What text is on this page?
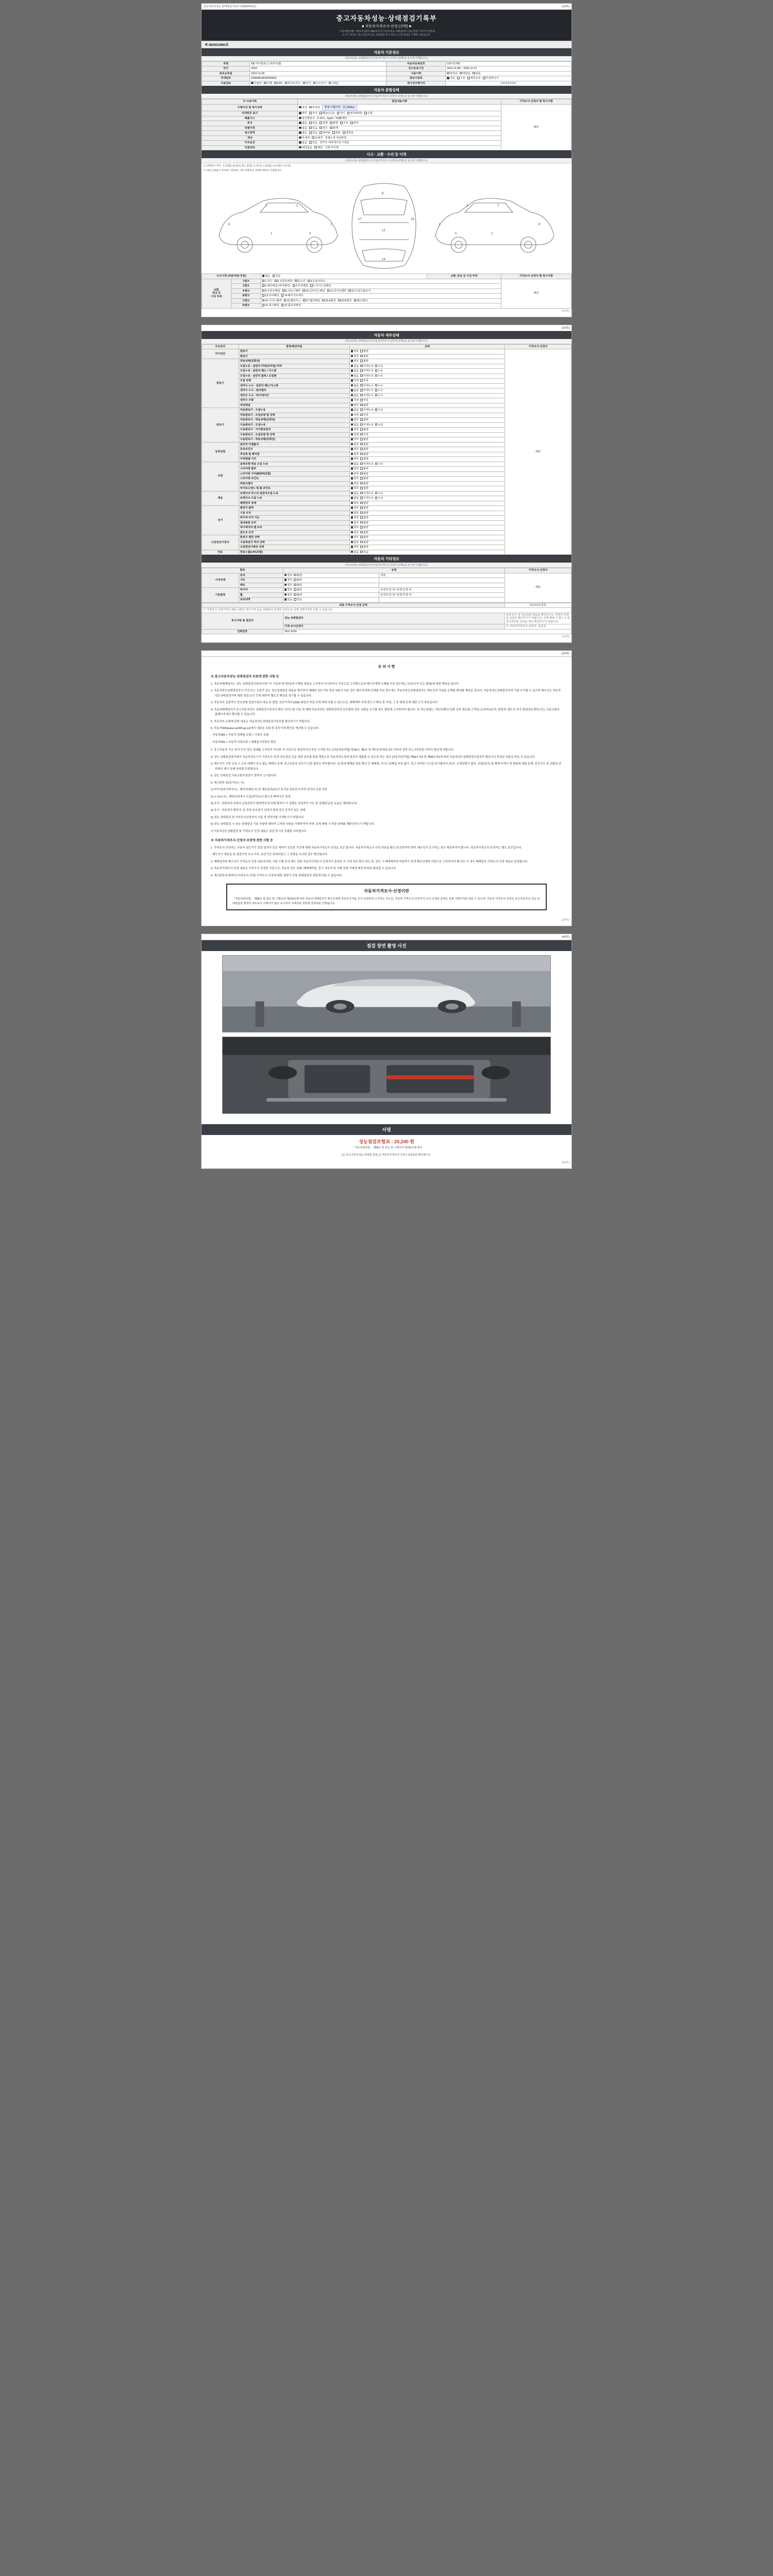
중고자동차성능·상태점검기록부 (제2024-01호)	(1/4쪽)
중고자동차성능·상태점검기록부
■ 자동차가격조사·산정 (선택) ■
「자동차관리법 시행규칙 [별지 제82호서식] 자동차성능·상태점검자 (성능점검·가격조사산정자)
※ 이 기록부는 중고자동차 성능·상태점검 및 가격조사·산정 결과를 기재한 서류입니다.
제 3825012983호
자동차 기본정보
(자동차성능·상태점검자 및 자동차가격조사·산정자 (선택) 를 동시에 기재합니다.)
차명	KB 카니발최고 (세부모델)	자동차등록번호	216거1705
연식	2023	검사유효기간	2022-11-08 ~ 2026-11-07
최초등록일	2022-11-09	사용이력	대여용 영업용 관용
차대번호	KNMAB1BFAK09604	변속기종류	자동 수동 세미오토 무단변속기
사용연료	가솔린 디젤 LPG 하이브리드 전기 수소전기 기타()	계기상주행거리	0 0 0 0 0 0 0
자동차 종합상태
(자동차성능·상태점검자 및 자동차가격조사·산정자 (선택) 를 동시에 기재합니다.)
※ 사용이력	점검내용사항	가격조사·산정자 별 특기사항
주행거리 및 계기상태	정상 비정상 현재 주행거리 : 21,599km	해당
차대번호 표기	양호 부식 훼손(오손) 상이 변조(변타) 도말	
배출가스	일산화탄소 0.11% , 1ppm , % 매연	
튜닝	없음 있음 적법 불법 구조 장치	
특별이력	없음 있음 침수 화재	
용도변경	없음 있음 대여용 관용 영업용	
색상	무채색 유채색 전체도색 색상변경	
주요옵션	없음 있음 썬루프 내비게이션 기타()	
리콜대상	해당없음 해당 이행 미이행	
사고 · 교환 · 수리 등 이력
(자동차성능·상태점검자 및 자동차가격조사·산정자 (선택) 를 동시에 기재합니다.)
※ 상태표시 부호 : X (교환), W (판금 또는 용접), C (부식), A (흠집), U (요철), T (손상)
※ 하단 상태표시 부호에 기준하며, 기타 차량특성 상태에 대하여 기재합니다.
6
7	3
1
2	5
8
12
14
17	16
6
7
3
1
2
5
사고이력 (외판/내판 부분)		없음 있음	교환, 판금 등 이상 부위	가격조사·산정자 별 특기사항
교환,
판금 등
이상 부위	1랭크	1.후드 2.프론트펜더 3.도어 4.트렁크리드		해당
	2랭크	5.쿼터패널 (리어펜더) 6.루프패널 7.사이드실패널		
	A랭크	8.프론트패널 9.크로스멤버 10.인사이드패널 11.다이브멤버 12.트렁크플로어		
	B랭크	13.리어패널 14.패키지트레이		
	C랭크	15.사이드멤버 16.휠하우스 17.필러패널 18.A필러 19.B필러 20.C필러		
	D랭크	21.대시패널 22.플로어패널		
(1/4쪽)
(1/4쪽)
자동차 세부상태
(자동차성능·상태점검자 및 자동차가격조사·산정자 (선택) 를 동시에 기재합니다.)
주요장치	항목/해당부품	상태	가격조사·산정자
자기진단	원동기	양호 불량	해당
	변속기	양호 불량	
원동기	작동상태(공회전)	양호 불량	
	오일누유 - 실린더 커버(로커암) 커버	없음 미세누유 누유	
	오일누유 - 실린더 헤드 / 가스켓	없음 미세누유 누유	
	오일누유 - 실린더 블록 / 오일팬	없음 미세누유 누유	
	오일 유량	적정 부족	
	냉각수 누수 - 실린더 헤드/가스켓	없음 미세누수 누수	
	냉각수 누수 - 워터펌프	없음 미세누수 누수	
	냉각수 누수 - 라디에이터	없음 미세누수 누수	
	냉각수 수량	적정 부족	
	커먼레일	양호 불량	
변속기	자동변속기 - 오일누유	없음 미세누유 누유	
	자동변속기 - 오일유량 및 상태	적정 부족	
	자동변속기 - 작동상태(공회전)	양호 불량	
	수동변속기 - 오일누유	없음 미세누유 누유	
	수동변속기 - 기어변속장치	양호 불량	
	수동변속기 - 오일유량 및 상태	적정 부족	
	수동변속기 - 작동상태(공회전)	양호 불량	
동력전달	클러치 어셈블리	양호 불량	
	등속조인트	양호 불량	
	추진축 및 베어링	양호 불량	
	디퍼렌셜 기어	양호 불량	
조향	동력조향 작동 오일 누유	없음 미세누유 누유	
	스티어링 펌프	양호 불량	
	스티어링 기어(MDPS포함)	양호 불량	
	스티어링 조인트	양호 불량	
	파워크랭크	양호 불량	
	타이로드엔드 및 볼 조인트	양호 불량	
제동	브레이크 마스터 실린더오일 누유	없음 미세누유 누유	
	브레이크 오일 누유	없음 미세누유 누유	
	배력장치 상태	양호 불량	
전기	발전기 출력	양호 불량	
	시동 모터	양호 불량	
	와이퍼 모터 기능	양호 불량	
	실내송풍 모터	양호 불량	
	라디에이터 팬 모터	양호 불량	
	윈도우 모터	양호 불량	
고전원전기장치	충전구 절연 상태	양호 불량	
	구동축전지 격리 상태	양호 불량	
	고전원전기배선 상태	양호 불량	
연료	연료누출(LPG포함)	없음 있음	
자동차 기타정보
(자동차성능·상태점검자 및 자동차가격조사·산정자 (선택) 를 동시에 기재합니다.)
항목		상태		가격조사·산정자
사내상태	유리	양호 불량	내장	해당
	시트	양호 불량		
	매트	양호 불량		
기본품목	타이어	양호 불량	운전석 앞 뒤 / 동반석 앞 뒤	
	휠	양호 불량	운전석 앞 뒤 / 동반석 앞 뒤	
	보유내역	없음 있음		
최종 가격조사·산정 금액		0 0 0 0 0 만원
※ 가격조사·산정가격은 해당 차량의 제시가격 등을 종합하여 산정한 금액으로 실제 거래가격과 다를 수 있습니다.		
특기사항 및 점검자	성능·상태점검자	차량 인수 전 성능점검 내용을 확인하시고, 차량의 상태를 꼼꼼히 확인하시기 바랍니다. 실제 매매 시 반드시 점검기록부와 실차를 대조 확인하시기 바랍니다.
	가격·조사산정자	※ 자동차가격조사·산정자 : 홍길동
전화번호	1811-8760	
(1/4쪽)
(2/4쪽)
유 의 사 항
※ 중고자동차성능·상태점검자 보증에 관한 사항 등
1. 자동차매매업자는 성능·상태점검기록부(이하 "이 기록부"라 한다)에 기재한 내용을 고지하지 아니하거나 거짓으로 고지할으로써 매수인에게 손해를 끼친 경우에는 보증(수리 또는 환불)에 대한 책임을 집니다.
2. 자동차성능상태점검자가 거짓 또는 오류가 있는 성능상태점검 내용을 확인하여 매매한 성능기록 점검 내용이 다른 경우 매수인에게 손해를 끼친 경우에는 자동차성능상태점검자는 매수인의 직권을 손해를 배상할 책임을 집니다. 자동차성능상태점검자의 이를 수거할 수 있으며 매수인은 자동차성능상태점검자에 대한 점검·보증 등에 대하여 별도로 배상을 청구할 수 있습니다.
3. 자동차의 실질적인 성능상태 점검기록의 내용 및 법령, 보증가격의 (200) 매성의 약관 등에 따라 다를 수 있으므로, 매매계약 전에 반드시 확인 후 이에, 그 중 판매 등에 대한 근거 자료입니다.
4. 자동차매매업자가 중고자동차성능·상태점검기록부의 확인·서비스를 이용 및 매매 자동차성능·상태점검자의 보증범위 외로 교환을 요구할 경우 법령에 고지하여야 합니다. 및 성능상태는 기록부(확인서)와 실차 대조를 고객님 (교차에 6공격, 방법적, 별도의 부가 법령정보센터) 또는 국토교통부 홈페이지에서 확인할 수 있습니다.
5. 자동차의 손해에 관한 내용은 자동차성능상태점검기록부를 확인하시기 바랍니다.
6. 자동차365(www.car365.go.kr)에서 내용을 조회 및 검사이력 확인을 제공할 수 있습니다.
- 자동차365 > 자동차 실매물 조회 > 기록부 조회
- 자동차365 > 자동차 이력조회 > 매매용이력정보 확인
2. 중고자동차 구조·장치 등의 성능·상태를 고지하지 아니한 자 거짓으로 점검하거나 부당 고지한 자는 [자동차관리법] 제 80조 제6호 및 제7호에 따라 2년 이하의 징역 또는 2천만원 이하의 벌금에 처합니다.
3. 성능·상태점검장치에서 자동차성능기기 가격조사·산정·성능점검 등을 위한 업무를 통한 명령으로 자동차성능상태 점검자 제출할 수 있도록 하는 경우 [자동차관리법] 제58조의4 및 제58조의5에 따라 자동차성능상태점검사업자의 벌금이나 과징금 처분을 받을 수 있습니다.
4. 매수인이 이전 등록 시 교부 대행이 주요 없는 매매의 문제, 중고자동차 성능이 인한 결과로 취득합니다. 권 위에 매매된 정보 확인 등 매매될, 사이드실패널 부착 없이, 중고 사버린 시고된 표기될니다 (특히, 프레임형이 없어, 포함(있다) 점 매매 부착이 및 범위에 대한 문제, 중간사수 및 교환된 단위에서 제시 상태 부위를 포함합니다.
5. 권능·상태점검 국토교통부장관이 정하여 고시합니다.
6. 체크항목 표(일기되는 사)
1) 타이어(표기하자시) : 제작사(제조사) 및 제조일자(주)가 표기된 정보로서 바퀴 장치의 신한 정보
2) 누유(누수) : 해당부위에서 오일(냉각수)이 밖으로 빠져나간 상태
3) 부식 : 차량부위 부위의 금속표면이 화학반응에 의해 결처서 이 상태로 상실하여 기능 한 상태(단순한 녹슬은 제외됨니다)
4) 응수 : 자동차의 범위가, 본 부위 주요장치 실내가 물에 감긴 흔적이 있는 상태
5) 성능·상태점검 및 가격조사산정자의 이름 및 연락처를 기재하시기 바랍니다.
6) 성능·상태점검 시 성능·상태점검 기록 사항에 대하여 고지한 사항을 기재하여야 하며, 실제 매매 시 차량 상태를 재확인하시기 바랍니다.
7) 자동차성능상태점검 및 가격조사·산정 내용은 점검 당시의 상태를 나타냅니다.
※ 자동차가격조사·산정자 보증에 관한 사항 등
1. 가격조사·산정자는 사용자 성능기기 점검 일자가 같은 계약이 보증한 기간에 대해 자동차가격조사·산정을 보증 합니다. 자동차가격조사·산정 내용을 확인·보증하여야 하며, 매수인이 요구하는 경우 제공하여야 합니다. 자동차가격조사·산정자는 별도 보증입니다.
- 매도인이 제공을 한 점검가격 조사 이후, 보증기간 경과되었고 그 차량을 조사한 경우 확인합니다.
2. 매매업자와 매수인이 가격조사·산정 내용에 따른 사항 수행 등의 매도 권한 자동차가격조사·산정자가 올바른 이 사에 의존 확인 취소 및, 성능 시 매매계약에 약관하기 전에 매수인에게 서면으로 고지하여야 합니다. 이 경우 매매업자 가격조사·산정 내용은 동일합니다.
3. 자동차가격조사·산정 내용은 가격조사·산정일 기준으로, 자동차 성능·상태, 매매계약일, 중고 자동차 및 거래 실제 거래에 제공에 따라 달라질 수 있습니다.
4. 체크항목에 대하여 (가격조사·산정) 가격조사·산정에 대한 권한이 산정·상태점검의 권한에 다를 수 없습니다.
자동차가격조사·산정이란
「자동차관리법」 제58조 및 같은 법 시행규칙 제120조에 따라 자동차 매매업자가 매수인에게 자동차가격을 조사·산정하여 고지하는 것으로, 자동차 가격조사·산정자가 조사·산정한 금액은 실제 거래가격과 다를 수 있으며, 자동차 가격조사·산정은 중고자동차의 성능·상태점검과 별개의 제도로서 구매자가 필요 요구하여 구매자와 권한에 결과대로 진행됩니다.
(2/4쪽)
(4/4쪽)
점검 장면 촬영 사진
서명
성능점검보험료 : 20,240 원
「「자동차관리법」 제58조 및 같은 법 시행규칙 제120조에 따라
[1 ] 중고자동차성능·상태를 점검, [ ] 자동차가격조사·산정 } 내용임을 확인합니다.
(4/4쪽)
